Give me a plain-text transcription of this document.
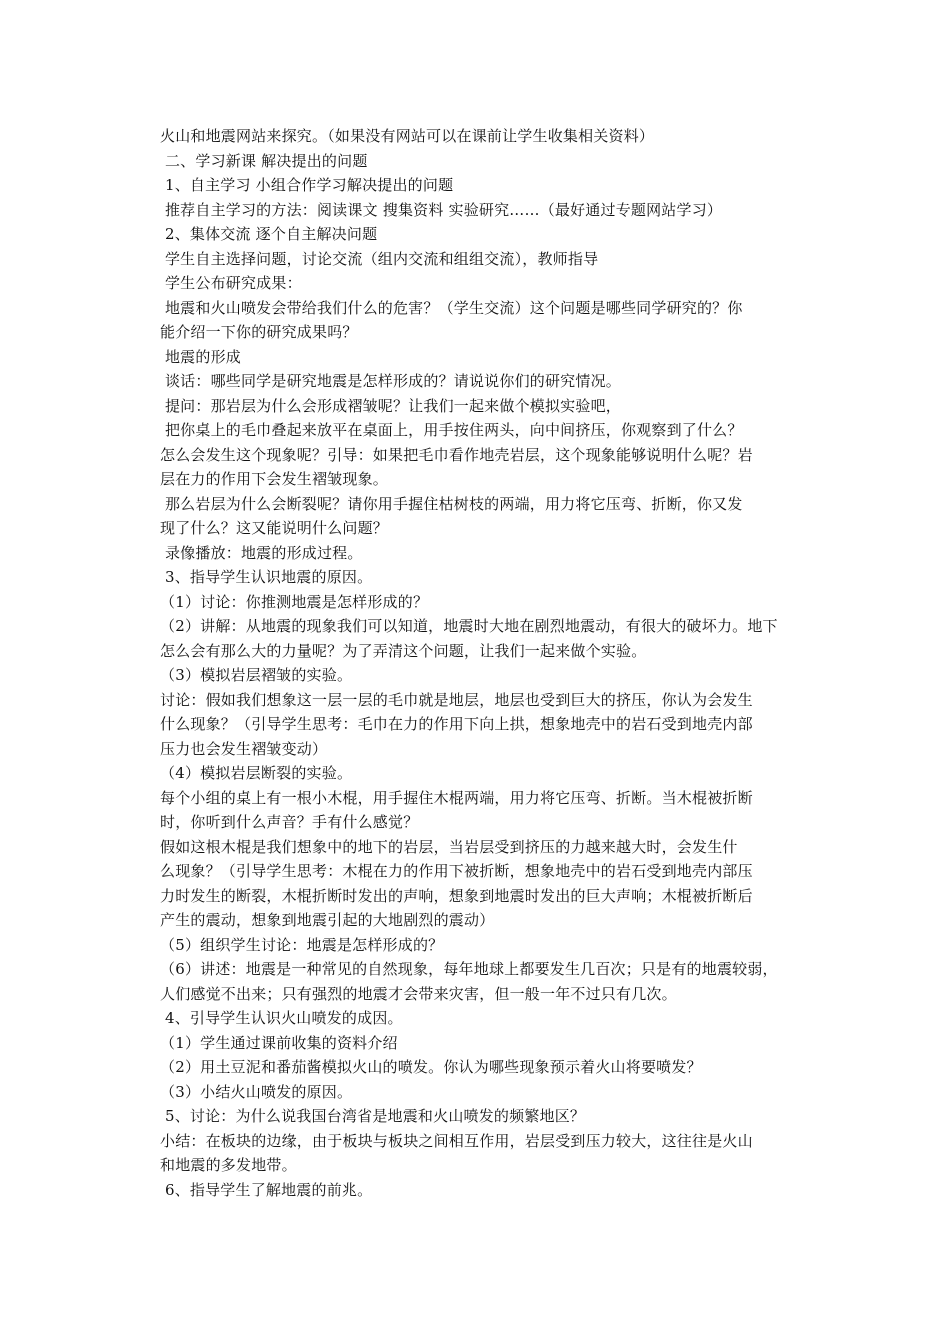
火山和地震网站来探究。（如果没有网站可以在课前让学生收集相关资料）
二、学习新课 解决提出的问题
1、自主学习 小组合作学习解决提出的问题
推荐自主学习的方法：阅读课文 搜集资料 实验研究……（最好通过专题网站学习）
2、集体交流 逐个自主解决问题
学生自主选择问题，讨论交流（组内交流和组组交流），教师指导
学生公布研究成果：
地震和火山喷发会带给我们什么的危害？（学生交流）这个问题是哪些同学研究的？你
能介绍一下你的研究成果吗？
地震的形成
谈话：哪些同学是研究地震是怎样形成的？请说说你们的研究情况。
提问：那岩层为什么会形成褶皱呢？让我们一起来做个模拟实验吧，
把你桌上的毛巾叠起来放平在桌面上，用手按住两头，向中间挤压，你观察到了什么？
怎么会发生这个现象呢？引导：如果把毛巾看作地壳岩层，这个现象能够说明什么呢？岩
层在力的作用下会发生褶皱现象。
那么岩层为什么会断裂呢？请你用手握住枯树枝的两端，用力将它压弯、折断，你又发
现了什么？这又能说明什么问题？
录像播放：地震的形成过程。
3、指导学生认识地震的原因。
（1）讨论：你推测地震是怎样形成的？
（2）讲解：从地震的现象我们可以知道，地震时大地在剧烈地震动，有很大的破坏力。地下
怎么会有那么大的力量呢？为了弄清这个问题，让我们一起来做个实验。
（3）模拟岩层褶皱的实验。
讨论：假如我们想象这一层一层的毛巾就是地层，地层也受到巨大的挤压，你认为会发生
什么现象？（引导学生思考：毛巾在力的作用下向上拱，想象地壳中的岩石受到地壳内部
压力也会发生褶皱变动）
（4）模拟岩层断裂的实验。
每个小组的桌上有一根小木棍，用手握住木棍两端，用力将它压弯、折断。当木棍被折断
时，你听到什么声音？手有什么感觉？
假如这根木棍是我们想象中的地下的岩层，当岩层受到挤压的力越来越大时，会发生什
么现象？（引导学生思考：木棍在力的作用下被折断，想象地壳中的岩石受到地壳内部压
力时发生的断裂，木棍折断时发出的声响，想象到地震时发出的巨大声响；木棍被折断后
产生的震动，想象到地震引起的大地剧烈的震动）
（5）组织学生讨论：地震是怎样形成的？
（6）讲述：地震是一种常见的自然现象，每年地球上都要发生几百次；只是有的地震较弱，
人们感觉不出来；只有强烈的地震才会带来灾害，但一般一年不过只有几次。
4、引导学生认识火山喷发的成因。
（1）学生通过课前收集的资料介绍
（2）用土豆泥和番茄酱模拟火山的喷发。你认为哪些现象预示着火山将要喷发？
（3）小结火山喷发的原因。
5、讨论：为什么说我国台湾省是地震和火山喷发的频繁地区？
小结：在板块的边缘，由于板块与板块之间相互作用，岩层受到压力较大，这往往是火山
和地震的多发地带。
6、指导学生了解地震的前兆。
